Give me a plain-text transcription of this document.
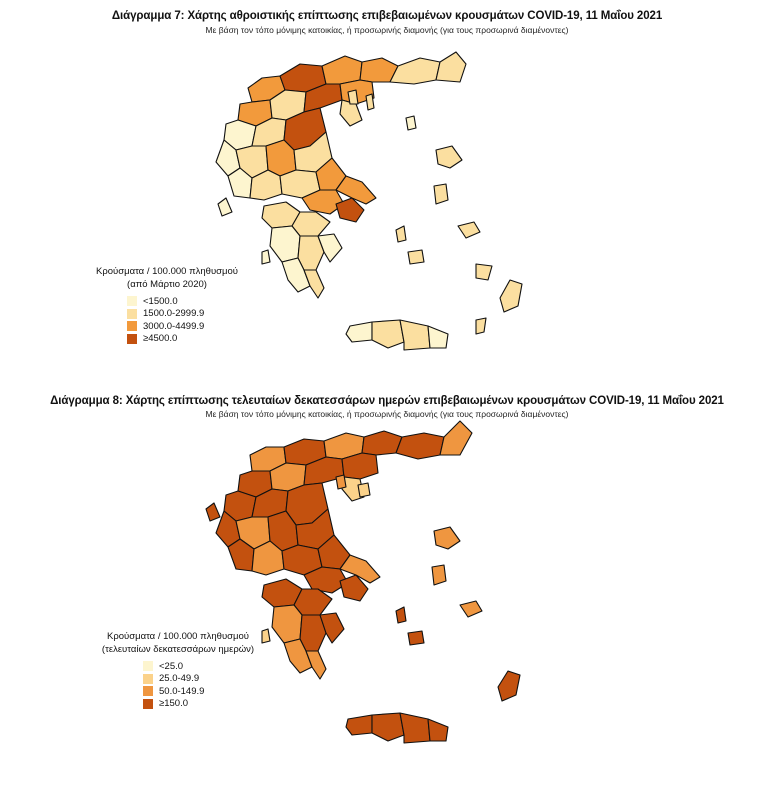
Διάγραμμα 7: Χάρτης αθροιστικής επίπτωσης επιβεβαιωμένων κρουσμάτων COVID-19, 11 Μαΐου 2021
Με βάση τον τόπο μόνιμης κατοικίας, ή προσωρινής διαμονής (για τους προσωρινά διαμένοντες)
Κρούσματα / 100.000 πληθυσμού
(από Μάρτιο 2020)
<1500.0
1500.0-2999.9
3000.0-4499.9
≥4500.0
Διάγραμμα 8: Χάρτης επίπτωσης τελευταίων δεκατεσσάρων ημερών επιβεβαιωμένων κρουσμάτων COVID-19, 11 Μαΐου 2021
Με βάση τον τόπο μόνιμης κατοικίας, ή προσωρινής διαμονής (για τους προσωρινά διαμένοντες)
Κρούσματα / 100.000 πληθυσμού
(τελευταίων δεκατεσσάρων ημερών)
<25.0
25.0-49.9
50.0-149.9
≥150.0
